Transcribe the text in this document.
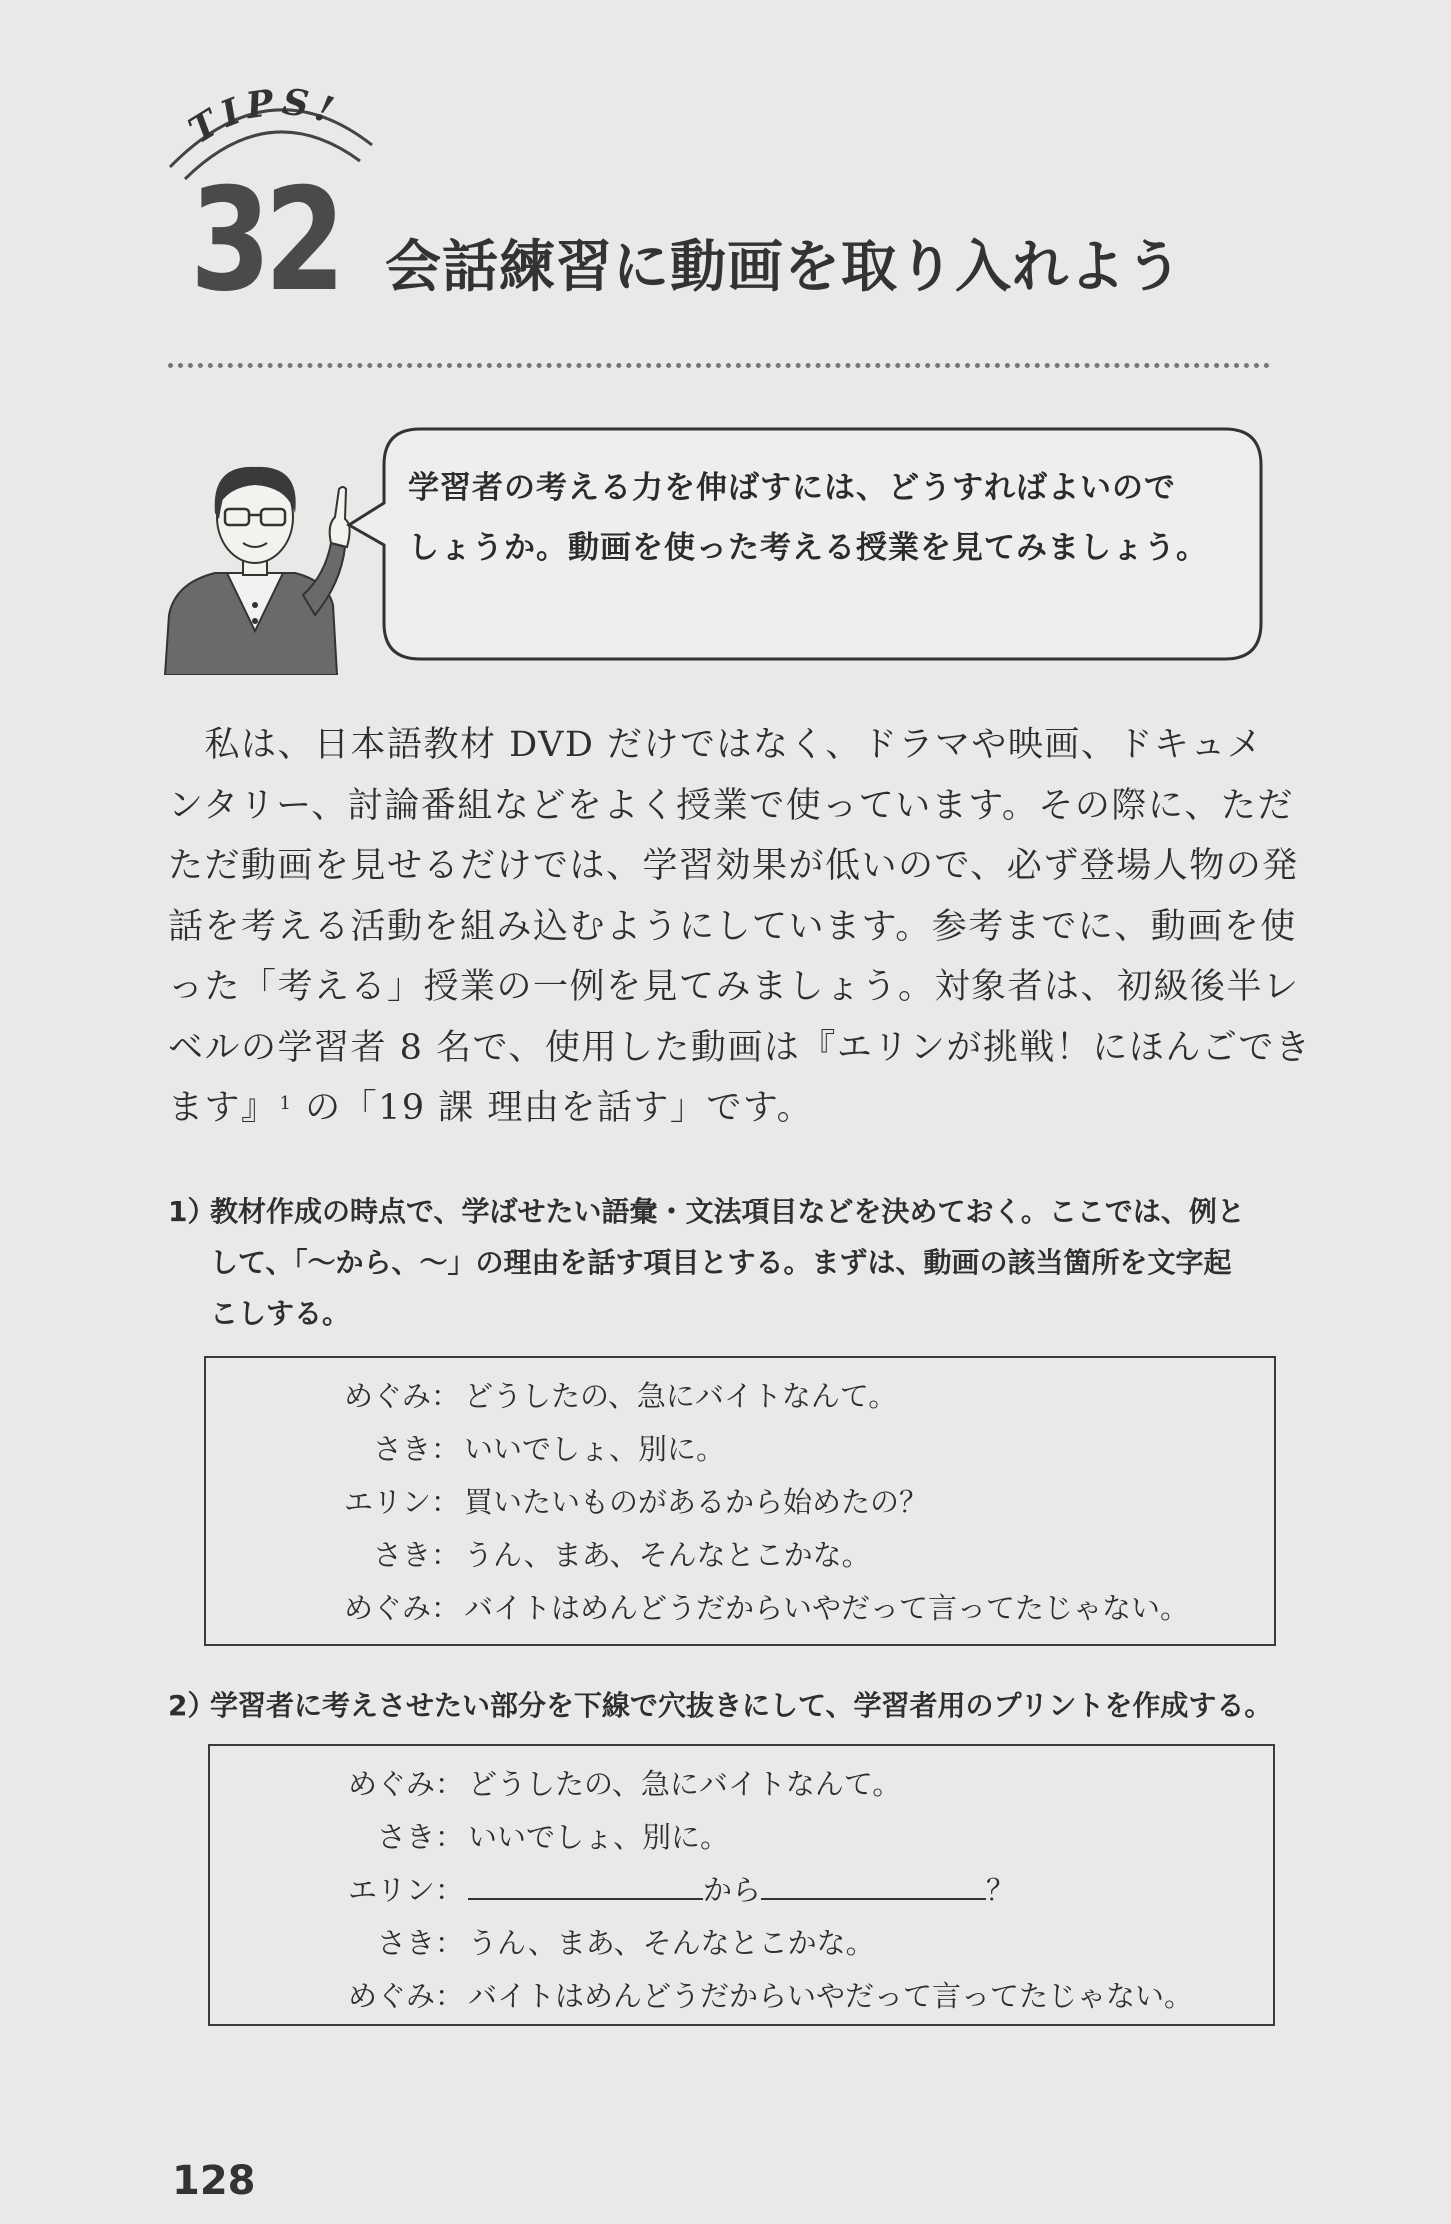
TIPS!
32 会話練習に動画を取り入れよう
学習者の考える力を伸ばすには、どうすればよいので
しょうか。動画を使った考える授業を見てみましょう。
　私は、日本語教材 DVD だけではなく、ドラマや映画、ドキュメ
ンタリー、討論番組などをよく授業で使っています。その際に、ただ
ただ動画を見せるだけでは、学習効果が低いので、必ず登場人物の発
話を考える活動を組み込むようにしています。参考までに、動画を使
った「考える」授業の一例を見てみましょう。対象者は、初級後半レ
ベルの学習者 8 名で、使用した動画は『エリンが挑戦！にほんごでき
ます』 $^1$ の「19 課 理由を話す」です。
1）教材作成の時点で、学ばせたい語彙・文法項目などを決めておく。ここでは、例と
して、「〜から、〜」の理由を話す項目とする。まずは、動画の該当箇所を文字起
こしする。
めぐみ ： どうしたの、急にバイトなんて。
さき ： いいでしょ、別に。
エリン ： 買いたいものがあるから始めたの？
さき ： うん、まあ、そんなとこかな。
めぐみ ： バイトはめんどうだからいやだって言ってたじゃない。
2）学習者に考えさせたい部分を下線で穴抜きにして、学習者用のプリントを作成する。
めぐみ ： どうしたの、急にバイトなんて。
さき ： いいでしょ、別に。
エリン ：	から	？
さき ： うん、まあ、そんなとこかな。
めぐみ ： バイトはめんどうだからいやだって言ってたじゃない。
128
